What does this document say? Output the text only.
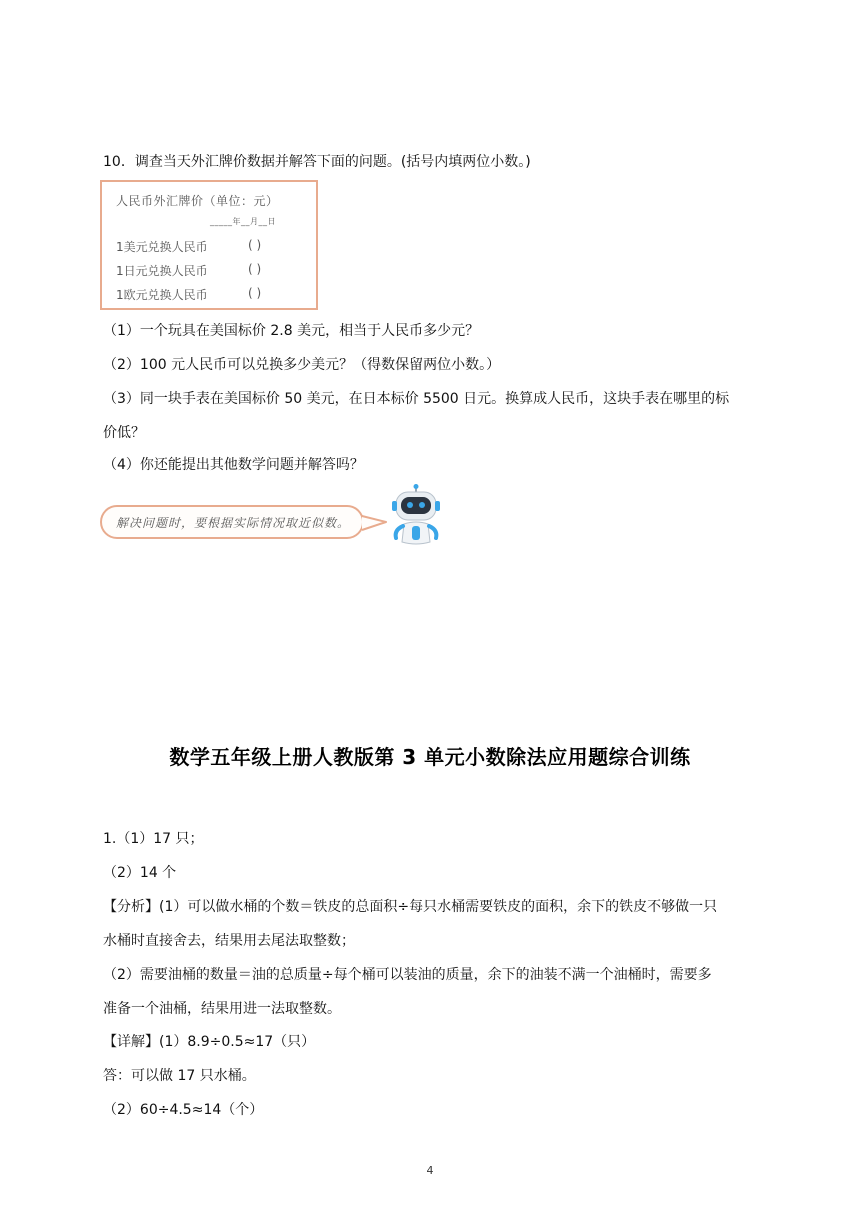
10．调查当天外汇牌价数据并解答下面的问题。(括号内填两位小数。)
人民币外汇牌价（单位：元）
_____年__月__日
1美元兑换人民币	( )
1日元兑换人民币	( )
1欧元兑换人民币	( )
（1）一个玩具在美国标价 2.8 美元，相当于人民币多少元？
（2）100 元人民币可以兑换多少美元？（得数保留两位小数。）
（3）同一块手表在美国标价 50 美元，在日本标价 5500 日元。换算成人民币，这块手表在哪里的标
价低？
（4）你还能提出其他数学问题并解答吗？
解决问题时，要根据实际情况取近似数。
数学五年级上册人教版第 3 单元小数除法应用题综合训练
1.（1）17 只；
（2）14 个
【分析】(1）可以做水桶的个数＝铁皮的总面积÷每只水桶需要铁皮的面积，余下的铁皮不够做一只
水桶时直接舍去，结果用去尾法取整数；
（2）需要油桶的数量＝油的总质量÷每个桶可以装油的质量，余下的油装不满一个油桶时，需要多
准备一个油桶，结果用进一法取整数。
【详解】(1）8.9÷0.5≈17（只）
答：可以做 17 只水桶。
（2）60÷4.5≈14（个）
4
